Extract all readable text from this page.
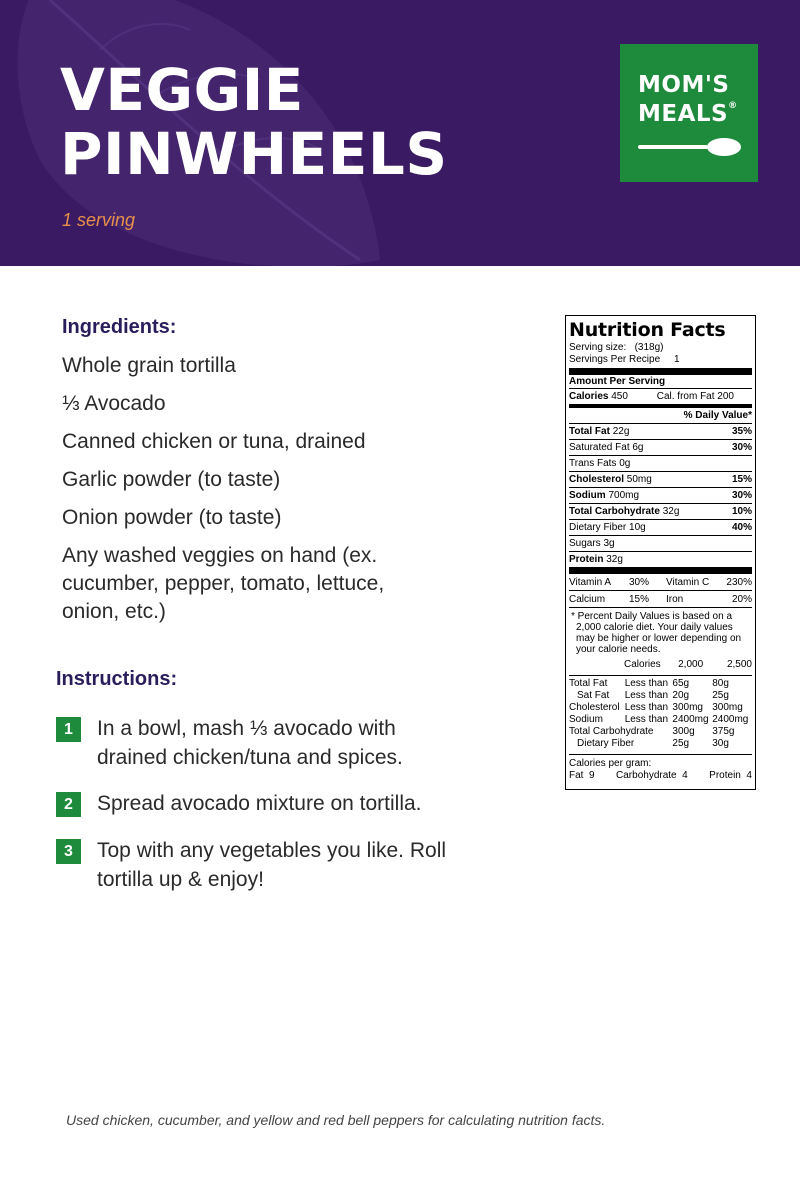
VEGGIE
PINWHEELS
1 serving
MOM'S
MEALS®
Ingredients:
Whole grain tortilla
⅓ Avocado
Canned chicken or tuna, drained
Garlic powder (to taste)
Onion powder (to taste)
Any washed veggies on hand (ex. cucumber, pepper, tomato, lettuce, onion, etc.)
Instructions:
1	In a bowl, mash ⅓ avocado with drained chicken/tuna and spices.
2	Spread avocado mixture on tortilla.
3	Top with any vegetables you like. Roll tortilla up & enjoy!
Nutrition Facts
Serving size:   (318g)
Servings Per Recipe     1
Amount Per Serving
Calories 450	Cal. from Fat 200
% Daily Value*
Total Fat 22g	35%
Saturated Fat 6g	30%
Trans Fats 0g
Cholesterol 50mg	15%
Sodium 700mg	30%
Total Carbohydrate 32g	10%
Dietary Fiber 10g	40%
Sugars 3g
Protein 32g
Vitamin A 30% Vitamin C 230%
Calcium 15% Iron	20%
* Percent Daily Values is based on a 2,000 calorie diet. Your daily values may be higher or lower depending on your calorie needs.
	Calories	2,000	2,500
Total Fat	Less than	65g	80g
Sat Fat	Less than	20g	25g
Cholesterol	Less than	300mg	300mg
Sodium	Less than	2400mg	2400mg
Total Carbohydrate		300g	375g
Dietary Fiber		25g	30g
Calories per gram:
Fat  9 Carbohydrate  4 Protein  4
Used chicken, cucumber, and yellow and red bell peppers for calculating nutrition facts.
